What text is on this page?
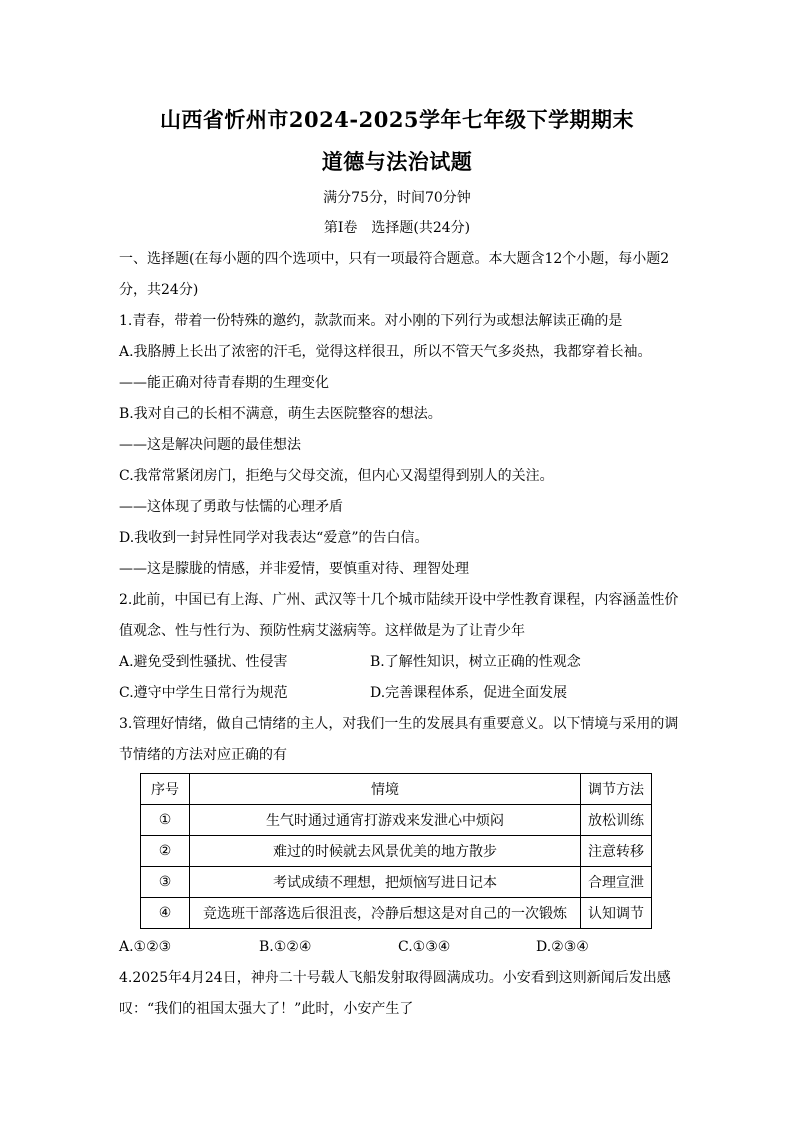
山西省忻州市2024-2025学年七年级下学期期末
道德与法治试题
满分75分，时间70分钟
第Ⅰ卷　选择题(共24分)
一、选择题(在每小题的四个选项中，只有一项最符合题意。本大题含12个小题，每小题2
分，共24分)
1.青春，带着一份特殊的邀约，款款而来。对小刚的下列行为或想法解读正确的是
A.我胳膊上长出了浓密的汗毛，觉得这样很丑，所以不管天气多炎热，我都穿着长袖。
——能正确对待青春期的生理变化
B.我对自己的长相不满意，萌生去医院整容的想法。
——这是解决问题的最佳想法
C.我常常紧闭房门，拒绝与父母交流，但内心又渴望得到别人的关注。
——这体现了勇敢与怯懦的心理矛盾
D.我收到一封异性同学对我表达“爱意”的告白信。
——这是朦胧的情感，并非爱情，要慎重对待、理智处理
2.此前，中国已有上海、广州、武汉等十几个城市陆续开设中学性教育课程，内容涵盖性价
值观念、性与性行为、预防性病艾滋病等。这样做是为了让青少年
A.避免受到性骚扰、性侵害	B.了解性知识，树立正确的性观念
C.遵守中学生日常行为规范	D.完善课程体系，促进全面发展
3.管理好情绪，做自己情绪的主人，对我们一生的发展具有重要意义。以下情境与采用的调
节情绪的方法对应正确的有
序号	情境	调节方法
①	生气时通过通宵打游戏来发泄心中烦闷	放松训练
②	难过的时候就去风景优美的地方散步	注意转移
③	考试成绩不理想，把烦恼写进日记本	合理宣泄
④	竞选班干部落选后很沮丧，冷静后想这是对自己的一次锻炼	认知调节
A.①②③	B.①②④	C.①③④	D.②③④
4.2025年4月24日，神舟二十号载人飞船发射取得圆满成功。小安看到这则新闻后发出感
叹：“我们的祖国太强大了！”此时，小安产生了
